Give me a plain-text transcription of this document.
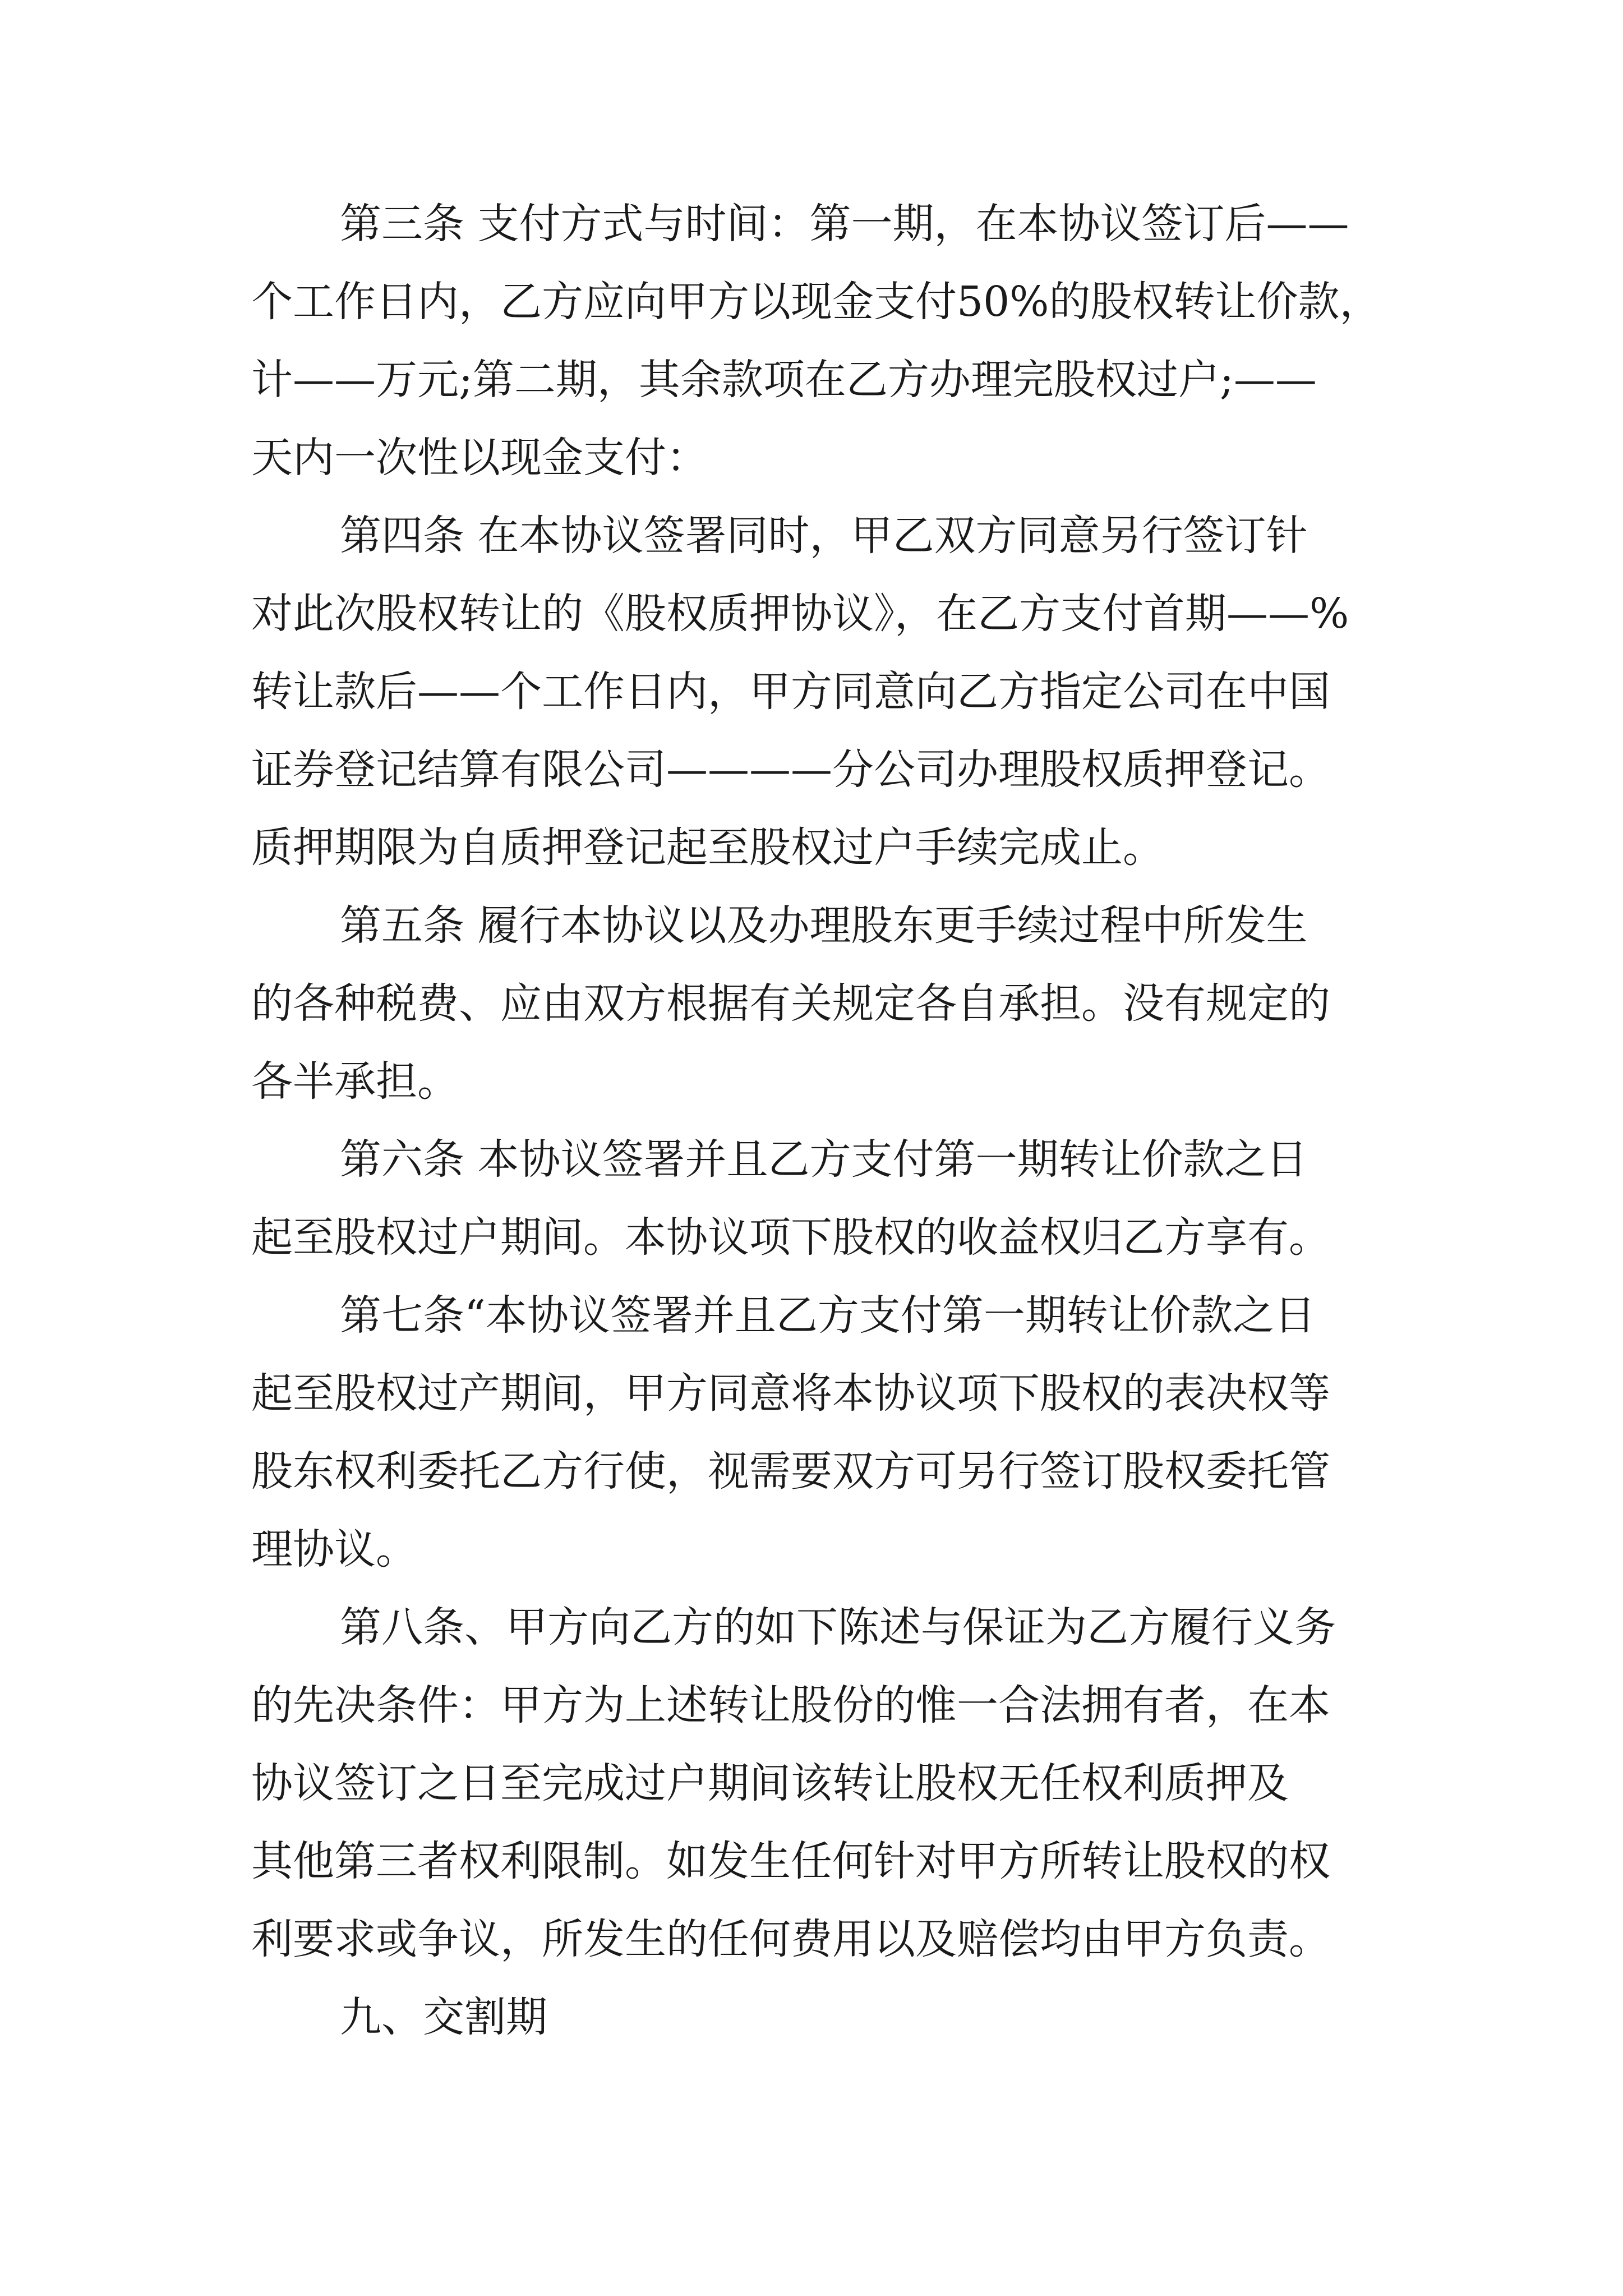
第三条 支付方式与时间：第一期，在本协议签订后——
个工作日内，乙方应向甲方以现金支付50%的股权转让价款，
计——万元;第二期，其余款项在乙方办理完股权过户;——
天内一次性以现金支付：
第四条 在本协议签署同时，甲乙双方同意另行签订针
对此次股权转让的《股权质押协议》，在乙方支付首期——%
转让款后——个工作日内，甲方同意向乙方指定公司在中国
证券登记结算有限公司————分公司办理股权质押登记。
质押期限为自质押登记起至股权过户手续完成止。
第五条 履行本协议以及办理股东更手续过程中所发生
的各种税费、应由双方根据有关规定各自承担。没有规定的
各半承担。
第六条 本协议签署并且乙方支付第一期转让价款之日
起至股权过户期间。本协议项下股权的收益权归乙方享有。
第七条“本协议签署并且乙方支付第一期转让价款之日
起至股权过产期间，甲方同意将本协议项下股权的表决权等
股东权利委托乙方行使，视需要双方可另行签订股权委托管
理协议。
第八条、甲方向乙方的如下陈述与保证为乙方履行义务
的先决条件：甲方为上述转让股份的惟一合法拥有者，在本
协议签订之日至完成过户期间该转让股权无任权利质押及
其他第三者权利限制。如发生任何针对甲方所转让股权的权
利要求或争议，所发生的任何费用以及赔偿均由甲方负责。
九、交割期
